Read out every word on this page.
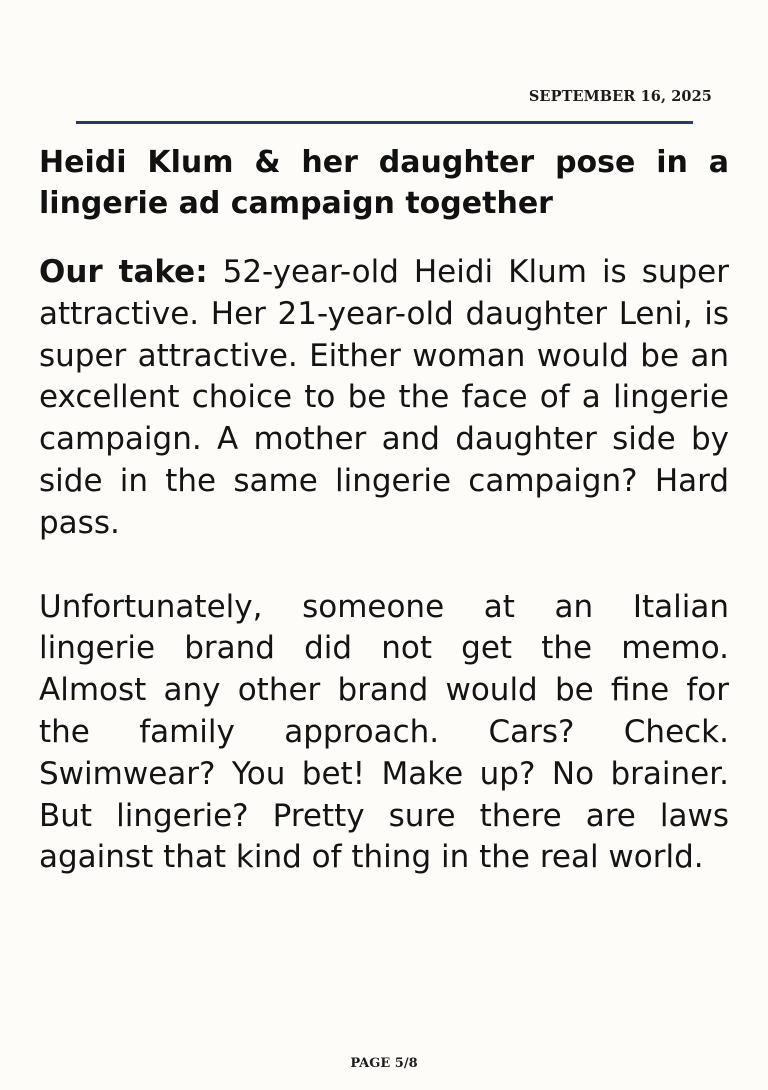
SEPTEMBER 16, 2025
Heidi Klum & her daughter pose in a lingerie ad campaign together

Our take: 52-year-old Heidi Klum is super attractive. Her 21-year-old daughter Leni, is super attractive. Either woman would be an excellent choice to be the face of a lingerie campaign. A mother and daughter side by side in the same lingerie campaign? Hard pass.

Unfortunately, someone at an Italian lingerie brand did not get the memo. Almost any other brand would be fine for the family approach. Cars? Check. Swimwear? You bet! Make up? No brainer. But lingerie? Pretty sure there are laws against that kind of thing in the real world.

PAGE 5/8
